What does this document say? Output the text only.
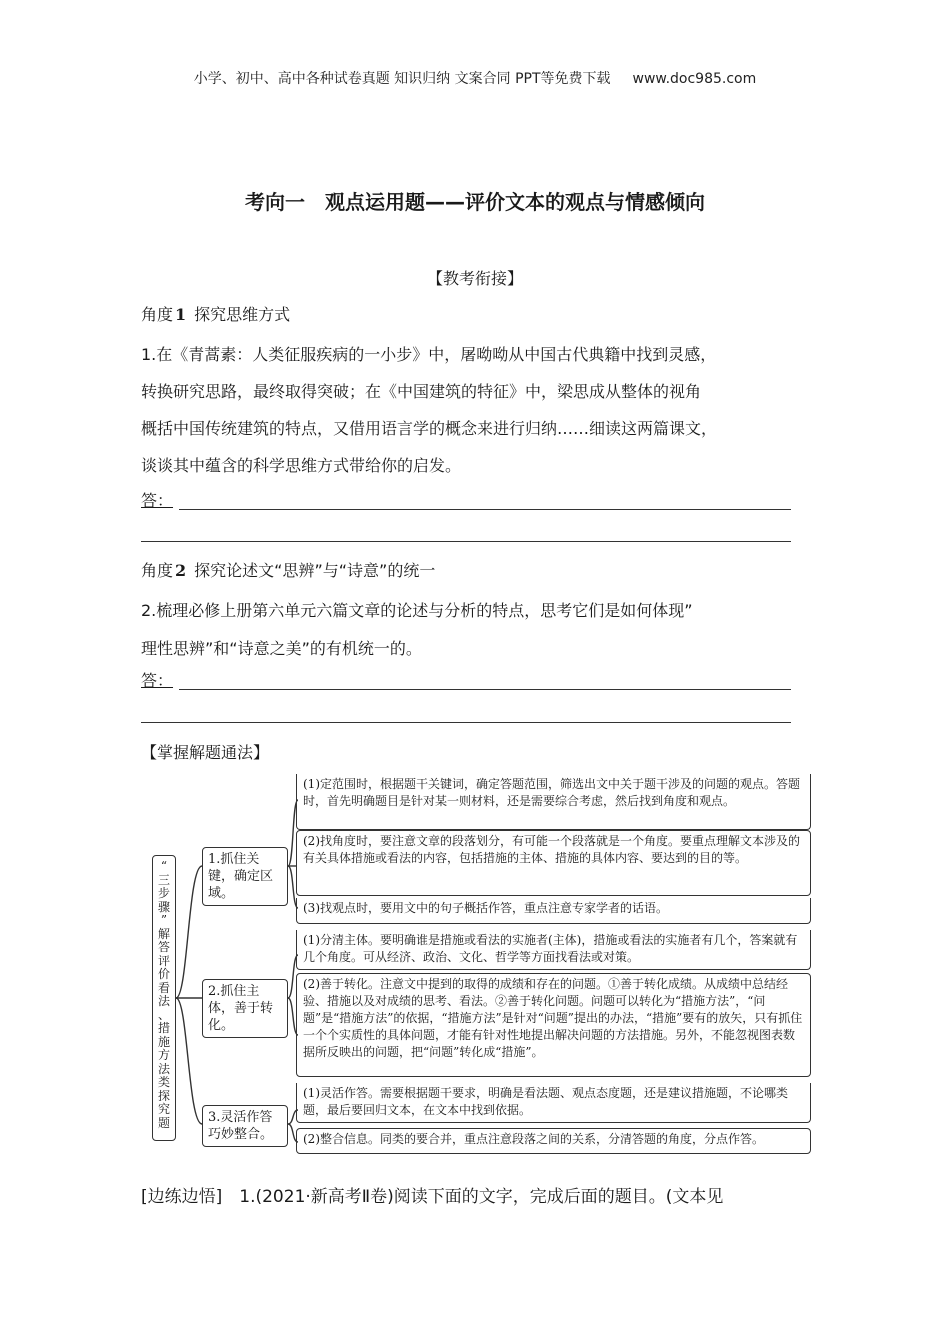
小学、初中、高中各种试卷真题 知识归纳 文案合同 PPT等免费下载 www.doc985.com
考向一　观点运用题——评价文本的观点与情感倾向
【教考衔接】
角度 1 探究思维方式
1.在《青蒿素：人类征服疾病的一小步》中，屠呦呦从中国古代典籍中找到灵感，
转换研究思路，最终取得突破；在《中国建筑的特征》中，梁思成从整体的视角
概括中国传统建筑的特点，又借用语言学的概念来进行归纳……细读这两篇课文，
谈谈其中蕴含的科学思维方式带给你的启发。
答：
角度 2 探究论述文“思辨”与“诗意”的统一
2.梳理必修上册第六单元六篇文章的论述与分析的特点，思考它们是如何体现”
理性思辨”和“诗意之美”的有机统一的。
答：
【掌握解题通法】
“
三
步
骤
”
解
答
评
价
看
法
、
措
施
方
法
类
探
究
题
1.抓住关键，确定区域。
2.抓住主体，善于转化。
3.灵活作答巧妙整合。
(1)定范围时，根据题干关键词，确定答题范围，筛选出文中关于题干涉及的问题的观点。答题时，首先明确题目是针对某一则材料，还是需要综合考虑，然后找到角度和观点。
(2)找角度时，要注意文章的段落划分，有可能一个段落就是一个角度。要重点理解文本涉及的有关具体措施或看法的内容，包括措施的主体、措施的具体内容、要达到的目的等。
(3)找观点时，要用文中的句子概括作答，重点注意专家学者的话语。
(1)分清主体。要明确谁是措施或看法的实施者(主体)，措施或看法的实施者有几个，答案就有几个角度。可从经济、政治、文化、哲学等方面找看法或对策。
(2)善于转化。注意文中提到的取得的成绩和存在的问题。①善于转化成绩。从成绩中总结经验、措施以及对成绩的思考、看法。②善于转化问题。问题可以转化为“措施方法”，“问题”是“措施方法”的依据，“措施方法”是针对“问题”提出的办法，“措施”要有的放矢，只有抓住一个个实质性的具体问题，才能有针对性地提出解决问题的方法措施。另外，不能忽视图表数据所反映出的问题，把“问题”转化成“措施”。
(1)灵活作答。需要根据题干要求，明确是看法题、观点态度题，还是建议措施题，不论哪类题，最后要回归文本，在文本中找到依据。
(2)整合信息。同类的要合并，重点注意段落之间的关系，分清答题的角度，分点作答。
[边练边悟]　1.(2021·新高考Ⅱ卷)阅读下面的文字，完成后面的题目。(文本见
